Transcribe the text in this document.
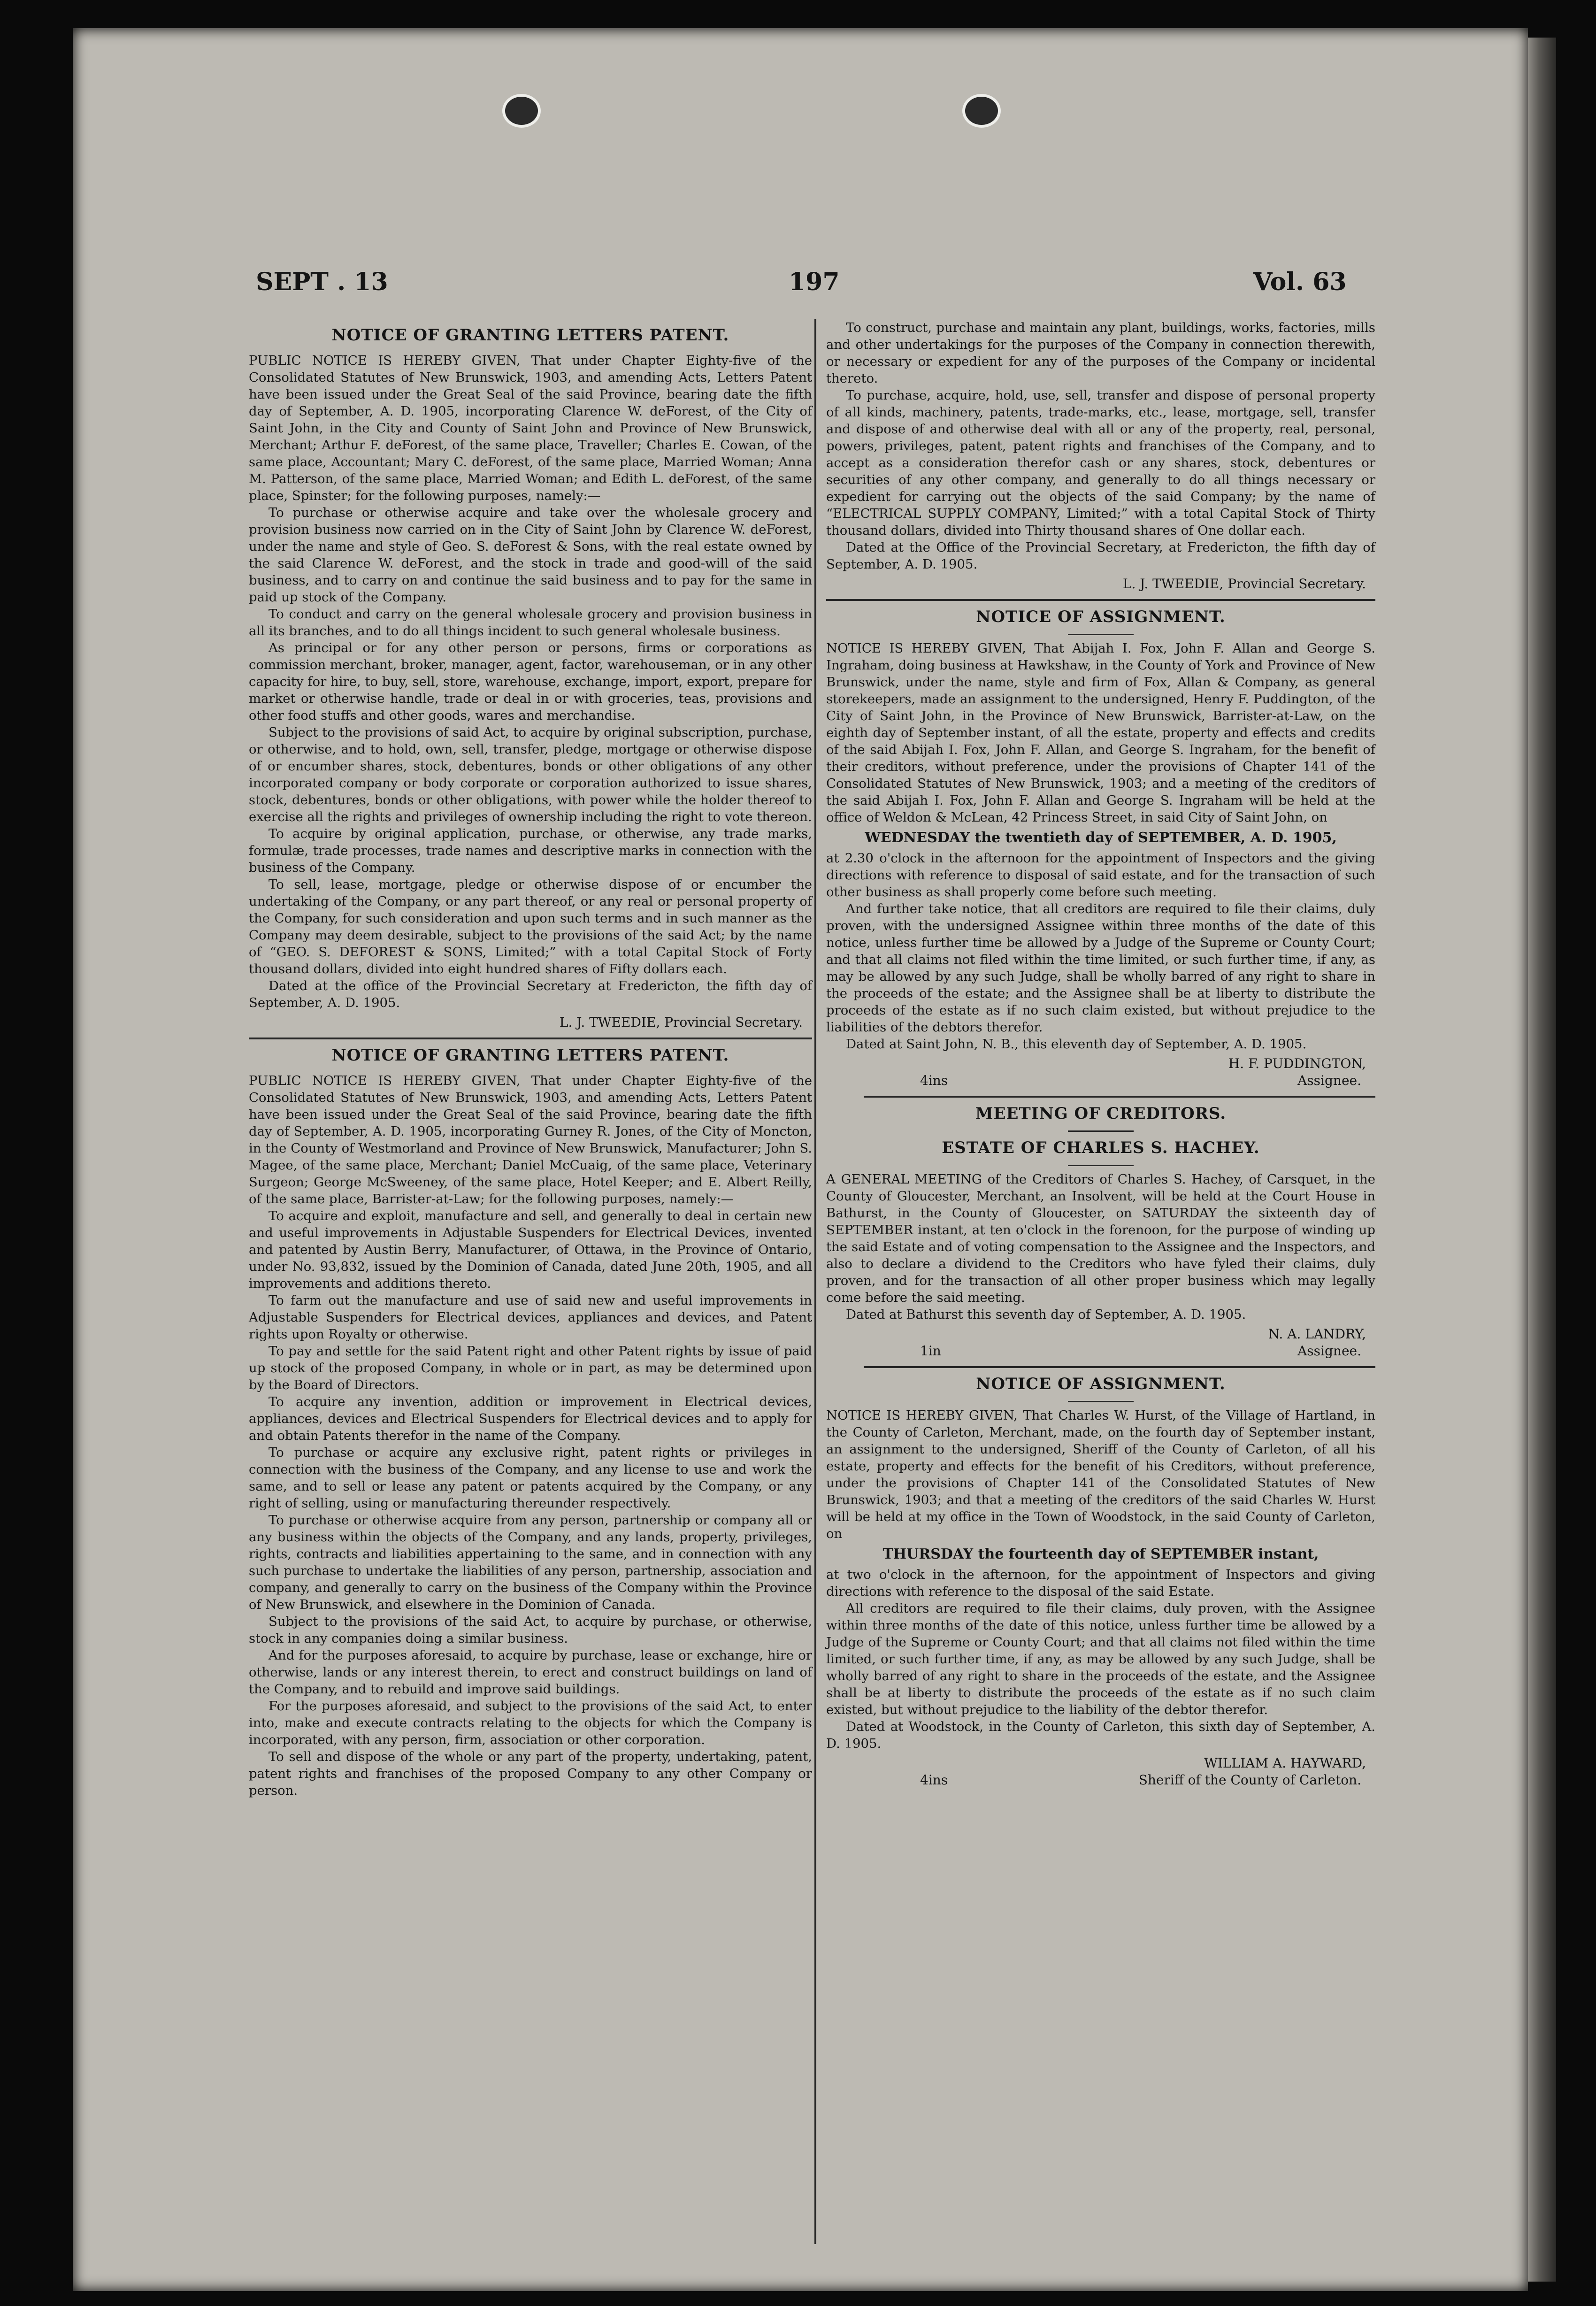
SEPT . 13	197	Vol. 63
NOTICE OF GRANTING LETTERS PATENT.

PUBLIC NOTICE IS HEREBY GIVEN, That under Chapter Eighty-five of the Consolidated Statutes of New Brunswick, 1903, and amending Acts, Letters Patent have been issued under the Great Seal of the said Province, bearing date the fifth day of September, A. D. 1905, incorporating Clarence W. deForest, of the City of Saint John, in the City and County of Saint John and Province of New Brunswick, Merchant; Arthur F. deForest, of the same place, Traveller; Charles E. Cowan, of the same place, Accountant; Mary C. deForest, of the same place, Married Woman; Anna M. Patterson, of the same place, Married Woman; and Edith L. deForest, of the same place, Spinster; for the following purposes, namely:—

To purchase or otherwise acquire and take over the wholesale grocery and provision business now carried on in the City of Saint John by Clarence W. deForest, under the name and style of Geo. S. deForest & Sons, with the real estate owned by the said Clarence W. deForest, and the stock in trade and good-will of the said business, and to carry on and continue the said business and to pay for the same in paid up stock of the Company.

To conduct and carry on the general wholesale grocery and provision business in all its branches, and to do all things incident to such general wholesale business.

As principal or for any other person or persons, firms or corporations as commission merchant, broker, manager, agent, factor, warehouseman, or in any other capacity for hire, to buy, sell, store, warehouse, exchange, import, export, prepare for market or otherwise handle, trade or deal in or with groceries, teas, provisions and other food stuffs and other goods, wares and merchandise.

Subject to the provisions of said Act, to acquire by original subscription, purchase, or otherwise, and to hold, own, sell, transfer, pledge, mortgage or otherwise dispose of or encumber shares, stock, debentures, bonds or other obligations of any other incorporated company or body corporate or corporation authorized to issue shares, stock, debentures, bonds or other obligations, with power while the holder thereof to exercise all the rights and privileges of ownership including the right to vote thereon.

To acquire by original application, purchase, or otherwise, any trade marks, formulæ, trade processes, trade names and descriptive marks in connection with the business of the Company.

To sell, lease, mortgage, pledge or otherwise dispose of or encumber the undertaking of the Company, or any part thereof, or any real or personal property of the Company, for such consideration and upon such terms and in such manner as the Company may deem desirable, subject to the provisions of the said Act; by the name of “GEO. S. DEFOREST & SONS, Limited;” with a total Capital Stock of Forty thousand dollars, divided into eight hundred shares of Fifty dollars each.

Dated at the office of the Provincial Secretary at Fredericton, the fifth day of September, A. D. 1905.

L. J. TWEEDIE, Provincial Secretary.
NOTICE OF GRANTING LETTERS PATENT.

PUBLIC NOTICE IS HEREBY GIVEN, That under Chapter Eighty-five of the Consolidated Statutes of New Brunswick, 1903, and amending Acts, Letters Patent have been issued under the Great Seal of the said Province, bearing date the fifth day of September, A. D. 1905, incorporating Gurney R. Jones, of the City of Moncton, in the County of Westmorland and Province of New Brunswick, Manufacturer; John S. Magee, of the same place, Merchant; Daniel McCuaig, of the same place, Veterinary Surgeon; George McSweeney, of the same place, Hotel Keeper; and E. Albert Reilly, of the same place, Barrister-at-Law; for the following purposes, namely:—

To acquire and exploit, manufacture and sell, and generally to deal in certain new and useful improvements in Adjustable Suspenders for Electrical Devices, invented and patented by Austin Berry, Manufacturer, of Ottawa, in the Province of Ontario, under No. 93,832, issued by the Dominion of Canada, dated June 20th, 1905, and all improvements and additions thereto.

To farm out the manufacture and use of said new and useful improvements in Adjustable Suspenders for Electrical devices, appliances and devices, and Patent rights upon Royalty or otherwise.

To pay and settle for the said Patent right and other Patent rights by issue of paid up stock of the proposed Company, in whole or in part, as may be determined upon by the Board of Directors.

To acquire any invention, addition or improvement in Electrical devices, appliances, devices and Electrical Suspenders for Electrical devices and to apply for and obtain Patents therefor in the name of the Company.

To purchase or acquire any exclusive right, patent rights or privileges in connection with the business of the Company, and any license to use and work the same, and to sell or lease any patent or patents acquired by the Company, or any right of selling, using or manufacturing thereunder respectively.

To purchase or otherwise acquire from any person, partnership or company all or any business within the objects of the Company, and any lands, property, privileges, rights, contracts and liabilities appertaining to the same, and in connection with any such purchase to undertake the liabilities of any person, partnership, association and company, and generally to carry on the business of the Company within the Province of New Brunswick, and elsewhere in the Dominion of Canada.

Subject to the provisions of the said Act, to acquire by purchase, or otherwise, stock in any companies doing a similar business.

And for the purposes aforesaid, to acquire by purchase, lease or exchange, hire or otherwise, lands or any interest therein, to erect and construct buildings on land of the Company, and to rebuild and improve said buildings.

For the purposes aforesaid, and subject to the provisions of the said Act, to enter into, make and execute contracts relating to the objects for which the Company is incorporated, with any person, firm, association or other corporation.

To sell and dispose of the whole or any part of the property, undertaking, patent, patent rights and franchises of the proposed Company to any other Company or person.

To construct, purchase and maintain any plant, buildings, works, factories, mills and other undertakings for the purposes of the Company in connection therewith, or necessary or expedient for any of the purposes of the Company or incidental thereto.

To purchase, acquire, hold, use, sell, transfer and dispose of personal property of all kinds, machinery, patents, trade-marks, etc., lease, mortgage, sell, transfer and dispose of and otherwise deal with all or any of the property, real, personal, powers, privileges, patent, patent rights and franchises of the Company, and to accept as a consideration therefor cash or any shares, stock, debentures or securities of any other company, and generally to do all things necessary or expedient for carrying out the objects of the said Company; by the name of “ELECTRICAL SUPPLY COMPANY, Limited;” with a total Capital Stock of Thirty thousand dollars, divided into Thirty thousand shares of One dollar each.

Dated at the Office of the Provincial Secretary, at Fredericton, the fifth day of September, A. D. 1905.

L. J. TWEEDIE, Provincial Secretary.
NOTICE OF ASSIGNMENT.

NOTICE IS HEREBY GIVEN, That Abijah I. Fox, John F. Allan and George S. Ingraham, doing business at Hawkshaw, in the County of York and Province of New Brunswick, under the name, style and firm of Fox, Allan & Company, as general storekeepers, made an assignment to the undersigned, Henry F. Puddington, of the City of Saint John, in the Province of New Brunswick, Barrister-at-Law, on the eighth day of September instant, of all the estate, property and effects and credits of the said Abijah I. Fox, John F. Allan, and George S. Ingraham, for the benefit of their creditors, without preference, under the provisions of Chapter 141 of the Consolidated Statutes of New Brunswick, 1903; and a meeting of the creditors of the said Abijah I. Fox, John F. Allan and George S. Ingraham will be held at the office of Weldon & McLean, 42 Princess Street, in said City of Saint John, on

WEDNESDAY the twentieth day of SEPTEMBER, A. D. 1905,

at 2.30 o'clock in the afternoon for the appointment of Inspectors and the giving directions with reference to disposal of said estate, and for the transaction of such other business as shall properly come before such meeting.

And further take notice, that all creditors are required to file their claims, duly proven, with the undersigned Assignee within three months of the date of this notice, unless further time be allowed by a Judge of the Supreme or County Court; and that all claims not filed within the time limited, or such further time, if any, as may be allowed by any such Judge, shall be wholly barred of any right to share in the proceeds of the estate; and the Assignee shall be at liberty to distribute the proceeds of the estate as if no such claim existed, but without prejudice to the liabilities of the debtors therefor.

Dated at Saint John, N. B., this eleventh day of September, A. D. 1905.

H. F. PUDDINGTON,
4ins	Assignee.
MEETING OF CREDITORS.
ESTATE OF CHARLES S. HACHEY.

A GENERAL MEETING of the Creditors of Charles S. Hachey, of Carsquet, in the County of Gloucester, Merchant, an Insolvent, will be held at the Court House in Bathurst, in the County of Gloucester, on SATURDAY the sixteenth day of SEPTEMBER instant, at ten o'clock in the forenoon, for the purpose of winding up the said Estate and of voting compensation to the Assignee and the Inspectors, and also to declare a dividend to the Creditors who have fyled their claims, duly proven, and for the transaction of all other proper business which may legally come before the said meeting.

Dated at Bathurst this seventh day of September, A. D. 1905.

N. A. LANDRY,
1in	Assignee.
NOTICE OF ASSIGNMENT.

NOTICE IS HEREBY GIVEN, That Charles W. Hurst, of the Village of Hartland, in the County of Carleton, Merchant, made, on the fourth day of September instant, an assignment to the undersigned, Sheriff of the County of Carleton, of all his estate, property and effects for the benefit of his Creditors, without preference, under the provisions of Chapter 141 of the Consolidated Statutes of New Brunswick, 1903; and that a meeting of the creditors of the said Charles W. Hurst will be held at my office in the Town of Woodstock, in the said County of Carleton, on

THURSDAY the fourteenth day of SEPTEMBER instant,

at two o'clock in the afternoon, for the appointment of Inspectors and giving directions with reference to the disposal of the said Estate.

All creditors are required to file their claims, duly proven, with the Assignee within three months of the date of this notice, unless further time be allowed by a Judge of the Supreme or County Court; and that all claims not filed within the time limited, or such further time, if any, as may be allowed by any such Judge, shall be wholly barred of any right to share in the proceeds of the estate, and the Assignee shall be at liberty to distribute the proceeds of the estate as if no such claim existed, but without prejudice to the liability of the debtor therefor.

Dated at Woodstock, in the County of Carleton, this sixth day of September, A. D. 1905.

WILLIAM A. HAYWARD,
4ins	Sheriff of the County of Carleton.
